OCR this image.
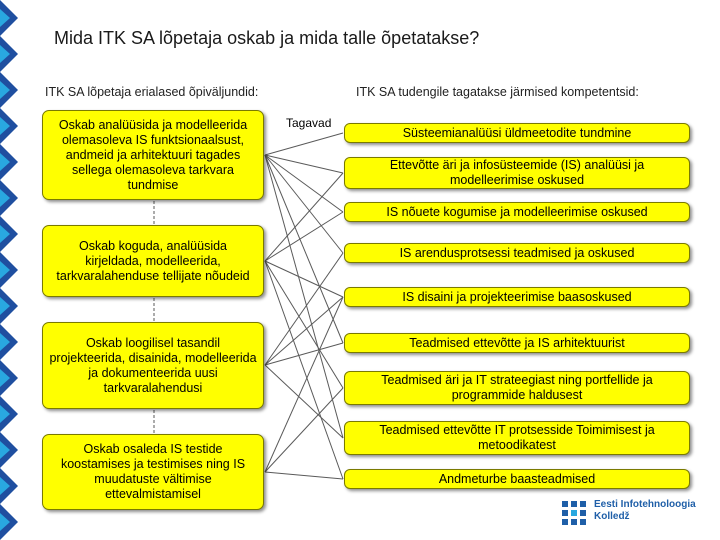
Mida ITK SA lõpetaja oskab ja mida talle õpetatakse?
ITK SA lõpetaja erialased õpiväljundid:	ITK SA tudengile tagatakse järmised kompetentsid:
Tagavad
Oskab analüüsida ja modelleerida olemasoleva IS funktsionaalsust, andmeid ja arhitektuuri tagades sellega olemasoleva tarkvara tundmise
Oskab koguda, analüüsida kirjeldada, modelleerida, tarkvaralahenduse tellijate nõudeid
Oskab loogilisel tasandil projekteerida, disainida, modelleerida ja dokumenteerida uusi tarkvaralahendusi
Oskab osaleda IS testide koostamises ja testimises ning IS muudatuste vältimise ettevalmistamisel
Süsteemianalüüsi üldmeetodite tundmine
Ettevõtte äri ja infosüsteemide (IS) analüüsi ja modelleerimise oskused
IS nõuete kogumise ja modelleerimise oskused
IS arendusprotsessi teadmised ja oskused
IS disaini ja projekteerimise baasoskused
Teadmised ettevõtte ja IS arhitektuurist
Teadmised äri ja IT strateegiast ning portfellide ja programmide haldusest
Teadmised ettevõtte IT protsesside Toimimisest ja metoodikatest
Andmeturbe baasteadmised
Eesti Infotehnoloogia
Kolledž
